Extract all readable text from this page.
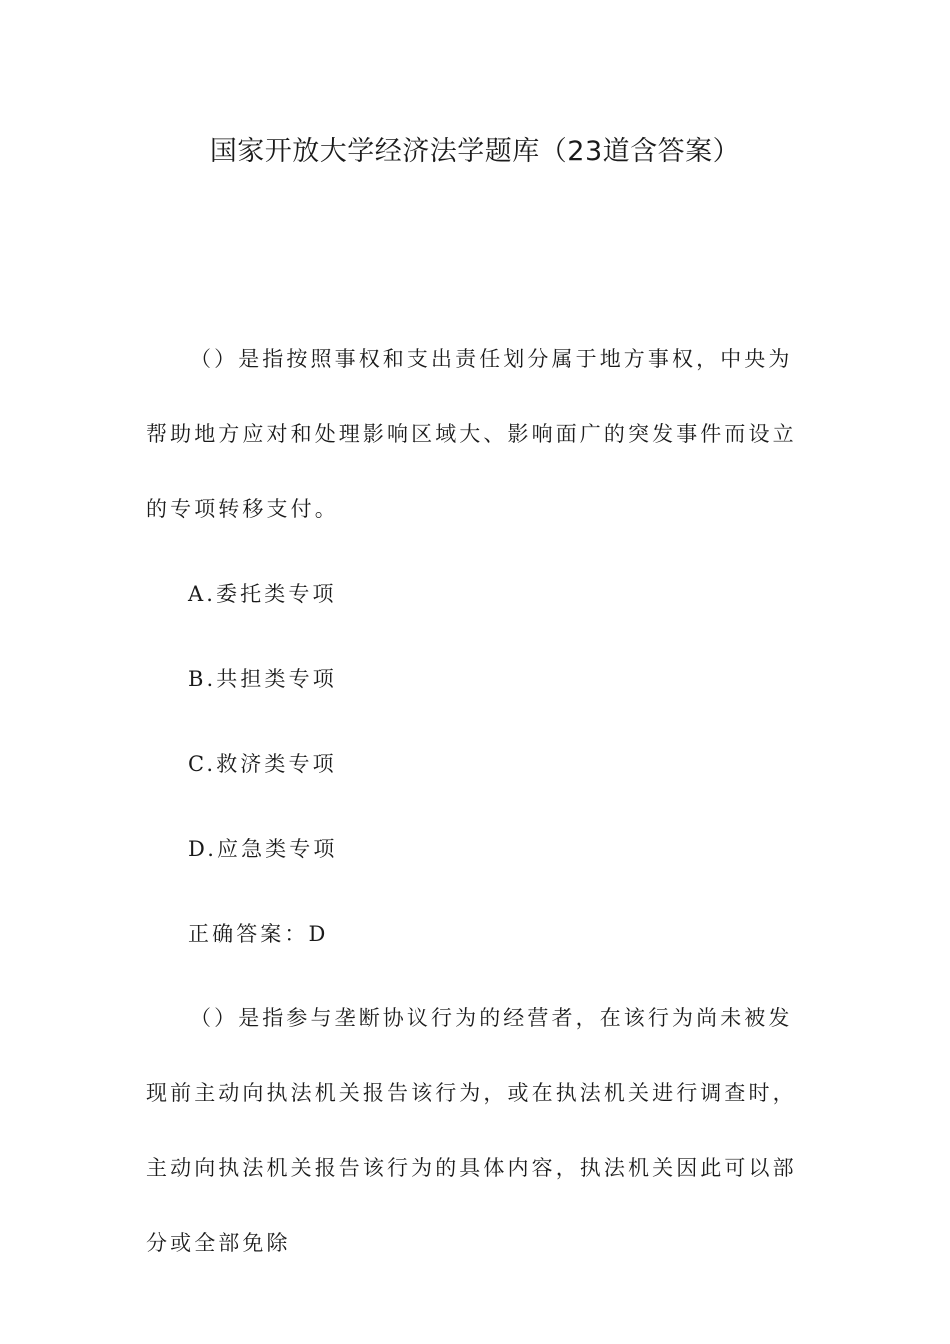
国家开放大学经济法学题库（23道含答案）

（）是指按照事权和支出责任划分属于地方事权，中央为帮助地方应对和处理影响区域大、影响面广的突发事件而设立的专项转移支付。

A.委托类专项

B.共担类专项

C.救济类专项

D.应急类专项

正确答案：D

（）是指参与垄断协议行为的经营者，在该行为尚未被发现前主动向执法机关报告该行为，或在执法机关进行调查时，主动向执法机关报告该行为的具体内容，执法机关因此可以部分或全部免除
